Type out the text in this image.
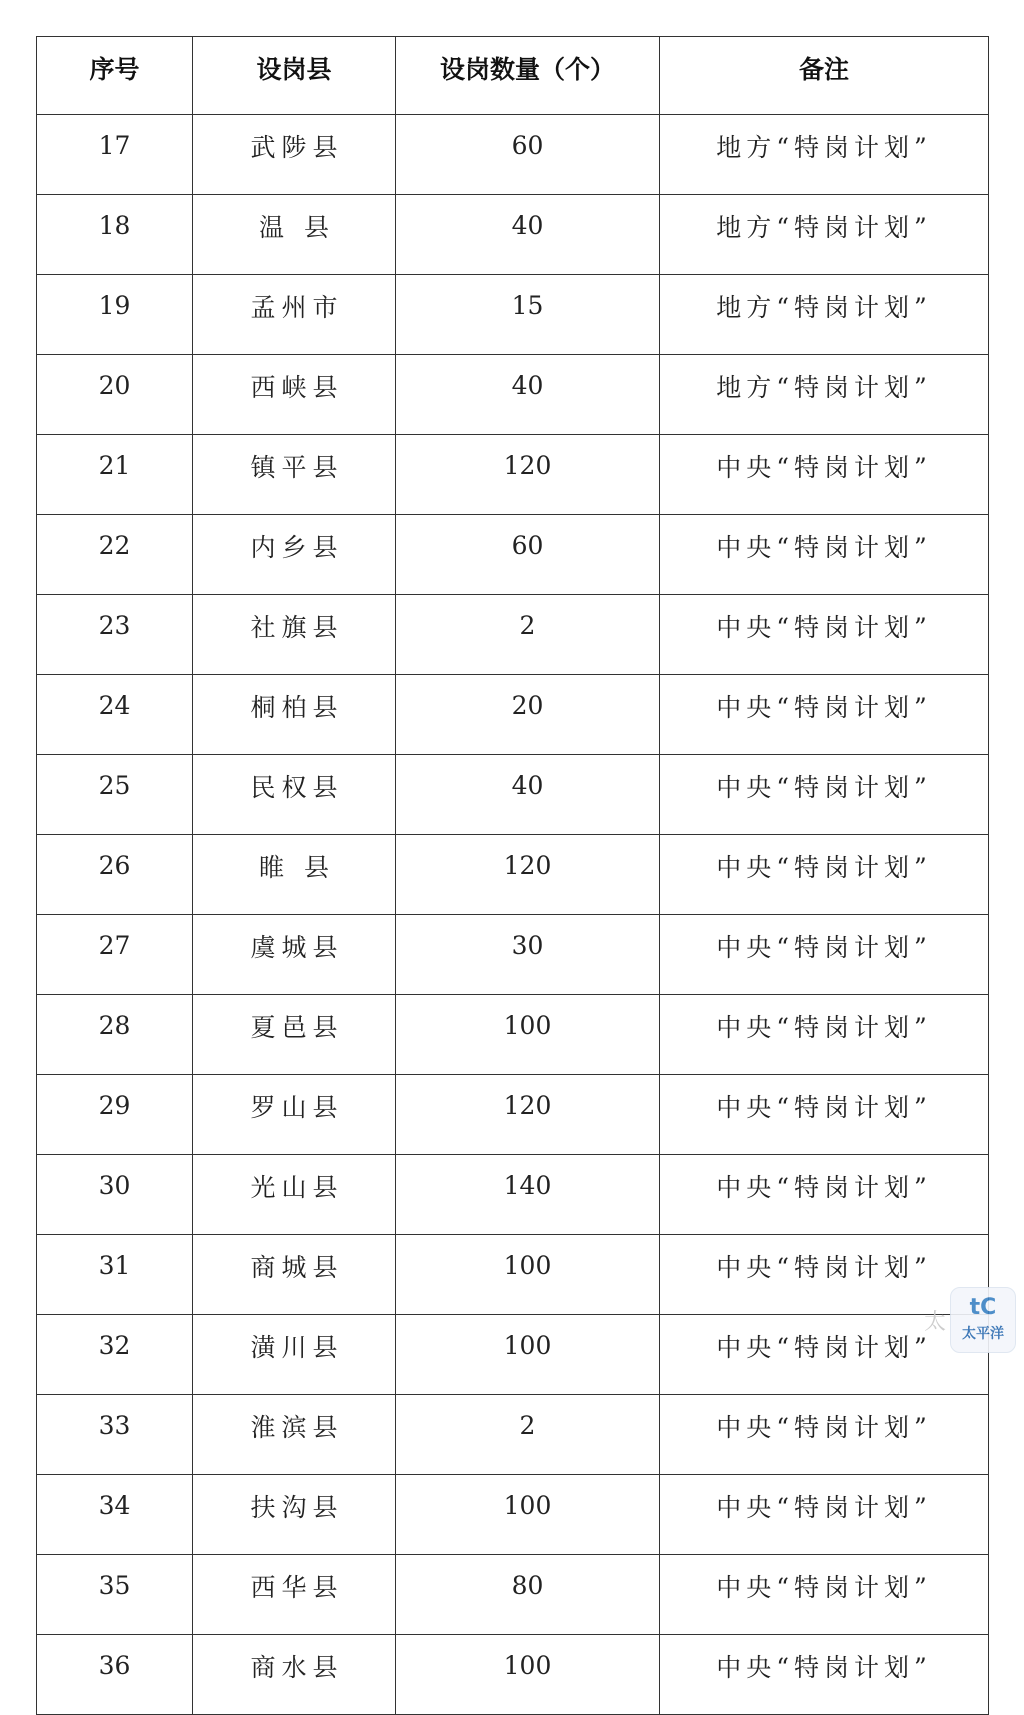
序号	设岗县	设岗数量（个）	备注
17	武陟县	60	地方“特岗计划”
18	温 县	40	地方“特岗计划”
19	孟州市	15	地方“特岗计划”
20	西峡县	40	地方“特岗计划”
21	镇平县	120	中央“特岗计划”
22	内乡县	60	中央“特岗计划”
23	社旗县	2	中央“特岗计划”
24	桐柏县	20	中央“特岗计划”
25	民权县	40	中央“特岗计划”
26	睢 县	120	中央“特岗计划”
27	虞城县	30	中央“特岗计划”
28	夏邑县	100	中央“特岗计划”
29	罗山县	120	中央“特岗计划”
30	光山县	140	中央“特岗计划”
31	商城县	100	中央“特岗计划”
32	潢川县	100	中央“特岗计划”
33	淮滨县	2	中央“特岗计划”
34	扶沟县	100	中央“特岗计划”
35	西华县	80	中央“特岗计划”
36	商水县	100	中央“特岗计划”
太
tC
太平洋
